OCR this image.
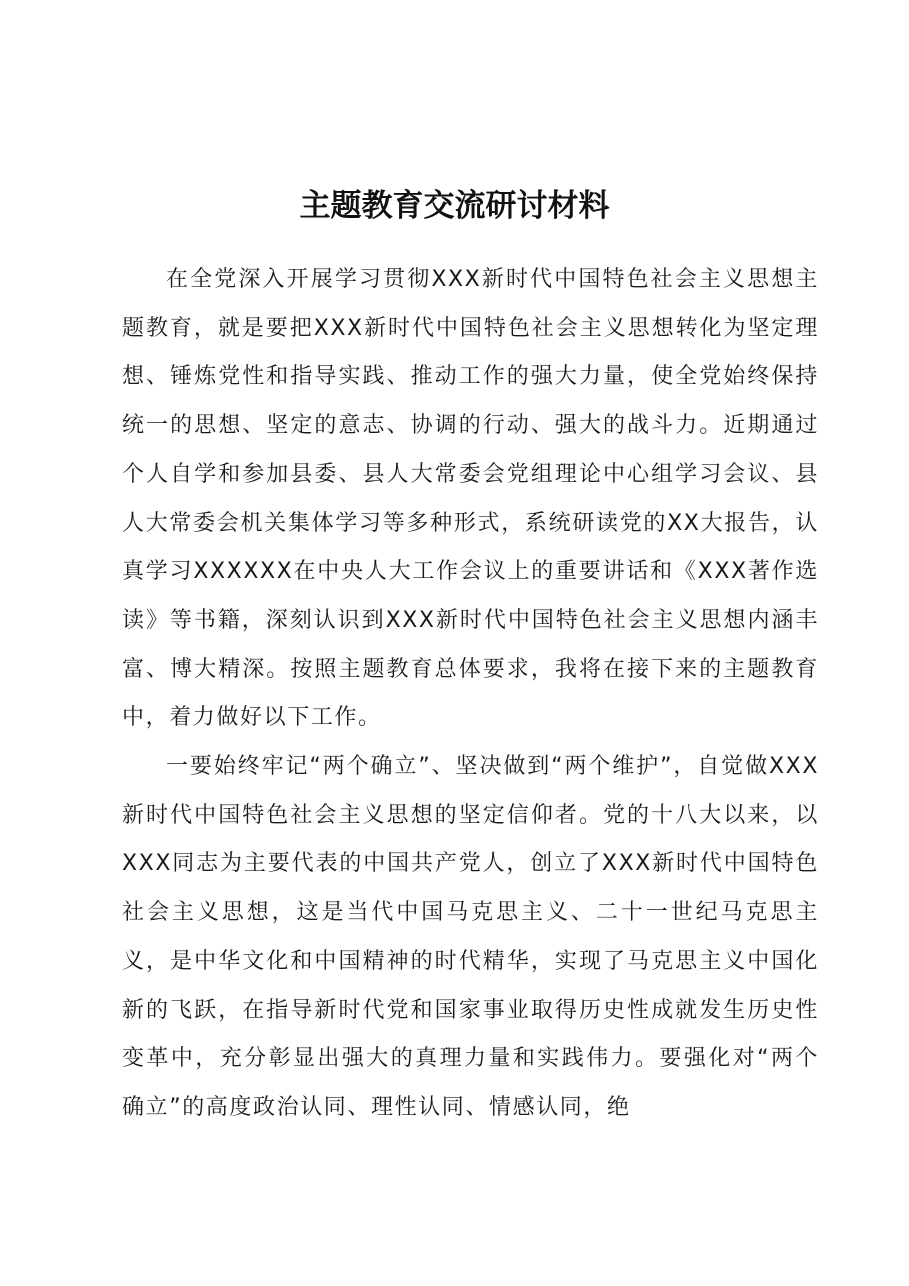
主题教育交流研讨材料

在全党深入开展学习贯彻XXX新时代中国特色社会主义思想主题教育，就是要把XXX新时代中国特色社会主义思想转化为坚定理想、锤炼党性和指导实践、推动工作的强大力量，使全党始终保持统一的思想、坚定的意志、协调的行动、强大的战斗力。近期通过个人自学和参加县委、县人大常委会党组理论中心组学习会议、县人大常委会机关集体学习等多种形式，系统研读党的XX大报告，认真学习XXXXXX在中央人大工作会议上的重要讲话和《XXX著作选读》等书籍，深刻认识到XXX新时代中国特色社会主义思想内涵丰富、博大精深。按照主题教育总体要求，我将在接下来的主题教育中，着力做好以下工作。

一要始终牢记“两个确立”、坚决做到“两个维护”，自觉做XXX新时代中国特色社会主义思想的坚定信仰者。党的十八大以来，以XXX同志为主要代表的中国共产党人，创立了XXX新时代中国特色社会主义思想，这是当代中国马克思主义、二十一世纪马克思主义，是中华文化和中国精神的时代精华，实现了马克思主义中国化新的飞跃，在指导新时代党和国家事业取得历史性成就发生历史性变革中，充分彰显出强大的真理力量和实践伟力。要强化对“两个确立”的高度政治认同、理性认同、情感认同，绝
